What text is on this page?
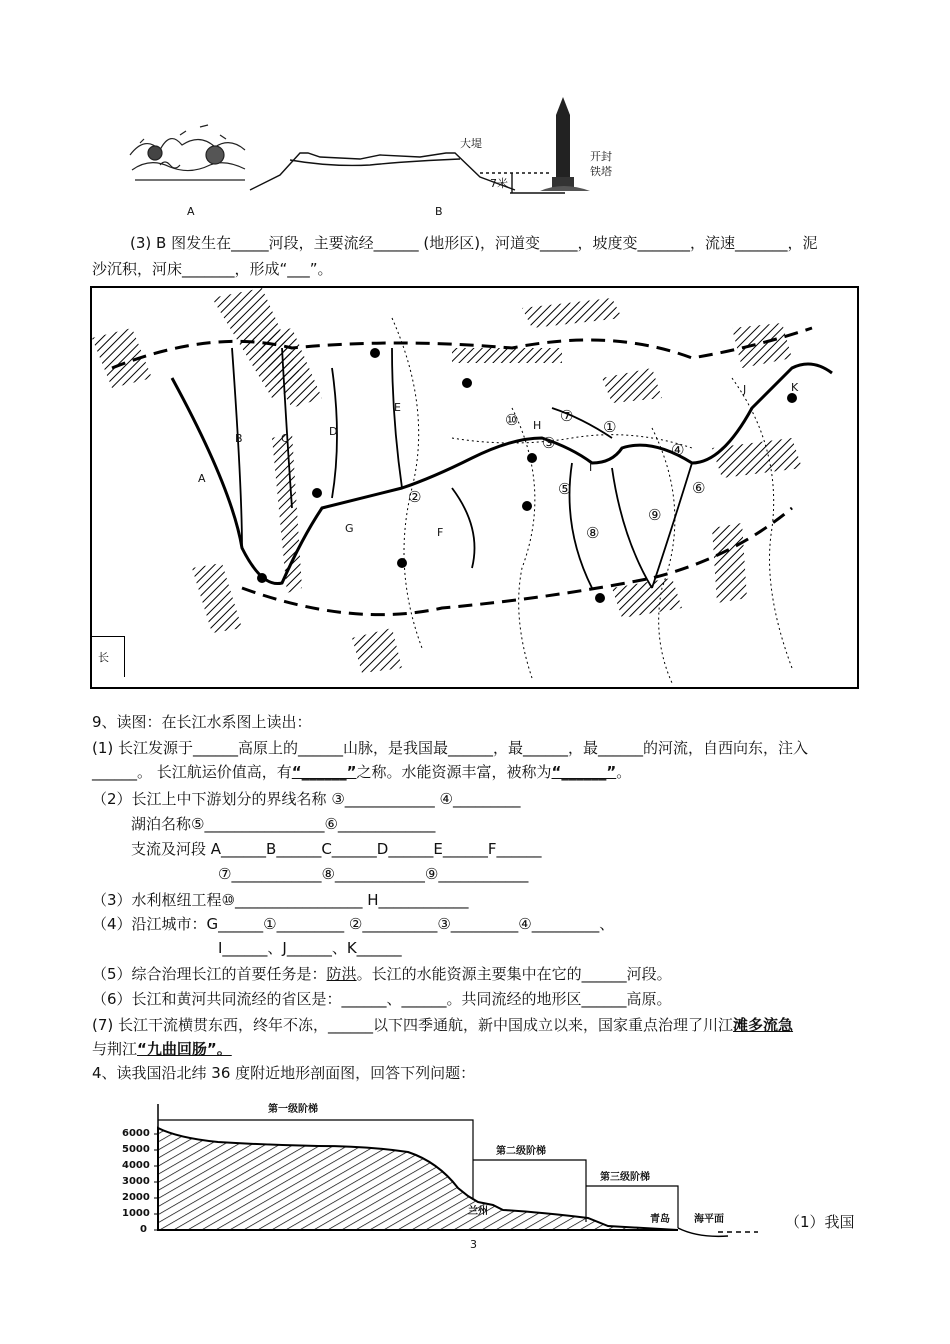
A	B
大堤
7米
开封
铁塔
(3) B 图发生在_____河段，主要流经______ (地形区)，河道变_____，坡度变_______，流速_______，泥
沙沉积，河床_______，形成“___”。
A
B	C
D
E
F
G
H
I
J	K
①
②
③	④
⑤	⑥
⑦
⑧
⑨
⑩
长
9、读图：在长江水系图上读出：
(1) 长江发源于______高原上的______山脉，是我国最______，最______，最______的河流，自西向东，注入
______。 长江航运价值高，有“______”之称。水能资源丰富，被称为“______”。
（2）长江上中下游划分的界线名称 ③____________ ④_________
湖泊名称⑤________________⑥_____________
支流及河段 A______B______C______D______E______F______
⑦____________⑧____________⑨____________
（3）水利枢纽工程⑩_________________ H____________
（4）沿江城市：G______①_________ ②__________③_________④_________、
I______、J______、K______
（5）综合治理长江的首要任务是：防洪。长江的水能资源主要集中在它的______河段。
（6）长江和黄河共同流经的省区是：______、______。共同流经的地形区______高原。
(7) 长江干流横贯东西，终年不冻，______以下四季通航，新中国成立以来，国家重点治理了川江滩多流急
与荆江“九曲回肠”。
4、读我国沿北纬 36 度附近地形剖面图，回答下列问题：
6000
5000
4000
3000
2000
1000
0
第一级阶梯
第二级阶梯
第三级阶梯
兰州
青岛 海平面	（1）我国
3
